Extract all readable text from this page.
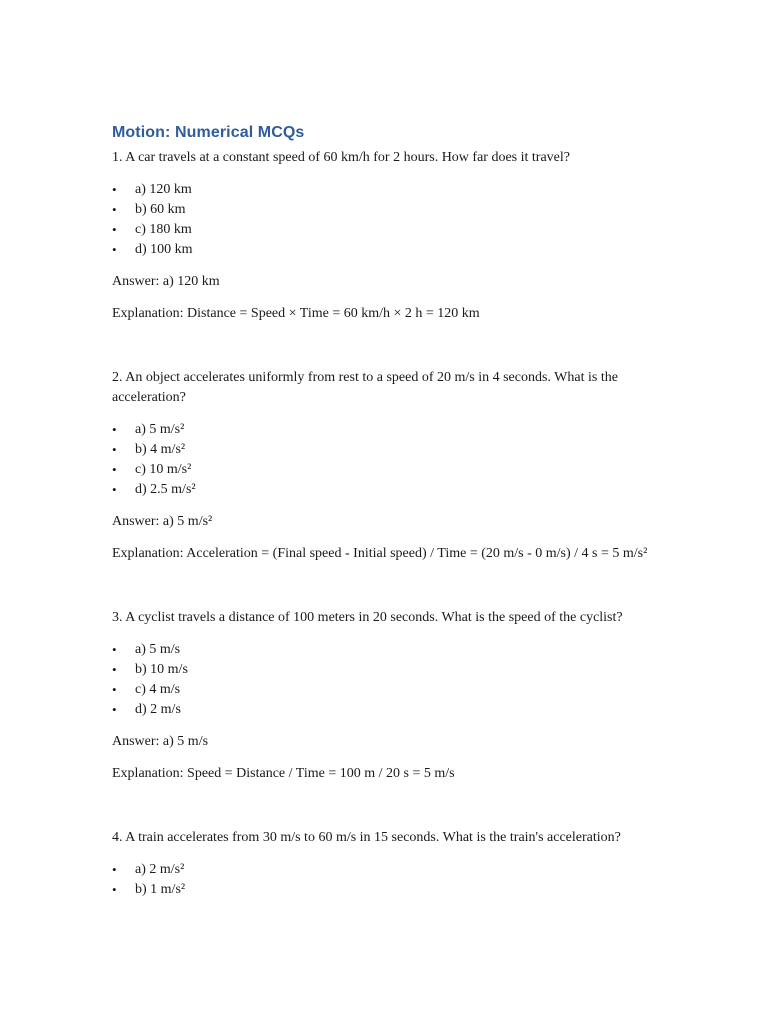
Motion: Numerical MCQs

1. A car travels at a constant speed of 60 km/h for 2 hours. How far does it travel?

• a) 120 km
• b) 60 km
• c) 180 km
• d) 100 km

Answer: a) 120 km

Explanation: Distance = Speed × Time = 60 km/h × 2 h = 120 km

2. An object accelerates uniformly from rest to a speed of 20 m/s in 4 seconds. What is the acceleration?

• a) 5 m/s²
• b) 4 m/s²
• c) 10 m/s²
• d) 2.5 m/s²

Answer: a) 5 m/s²

Explanation: Acceleration = (Final speed - Initial speed) / Time = (20 m/s - 0 m/s) / 4 s = 5 m/s²

3. A cyclist travels a distance of 100 meters in 20 seconds. What is the speed of the cyclist?

• a) 5 m/s
• b) 10 m/s
• c) 4 m/s
• d) 2 m/s

Answer: a) 5 m/s

Explanation: Speed = Distance / Time = 100 m / 20 s = 5 m/s

4. A train accelerates from 30 m/s to 60 m/s in 15 seconds. What is the train's acceleration?

• a) 2 m/s²
• b) 1 m/s²
